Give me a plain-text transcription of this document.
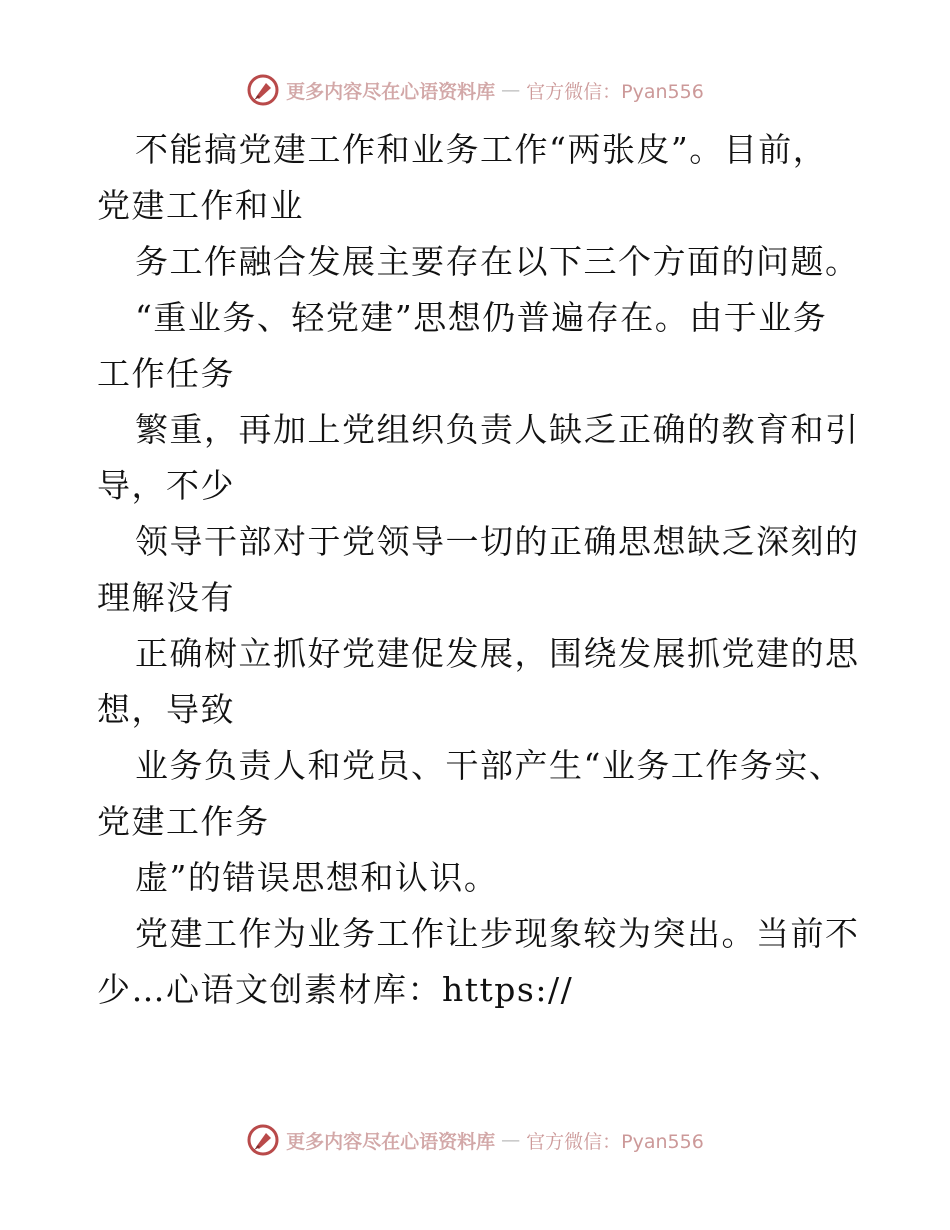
更多内容尽在心语资料库 — 官方微信：Pyan556
不能搞党建工作和业务工作“两张皮”。目前，
党建工作和业
务工作融合发展主要存在以下三个方面的问题。
“重业务、轻党建”思想仍普遍存在。由于业务
工作任务
繁重，再加上党组织负责人缺乏正确的教育和引
导，不少
领导干部对于党领导一切的正确思想缺乏深刻的
理解没有
正确树立抓好党建促发展，围绕发展抓党建的思
想，导致
业务负责人和党员、干部产生“业务工作务实、
党建工作务
虚”的错误思想和认识。
党建工作为业务工作让步现象较为突出。当前不
少…心语文创素材库：https://
更多内容尽在心语资料库 — 官方微信：Pyan556
